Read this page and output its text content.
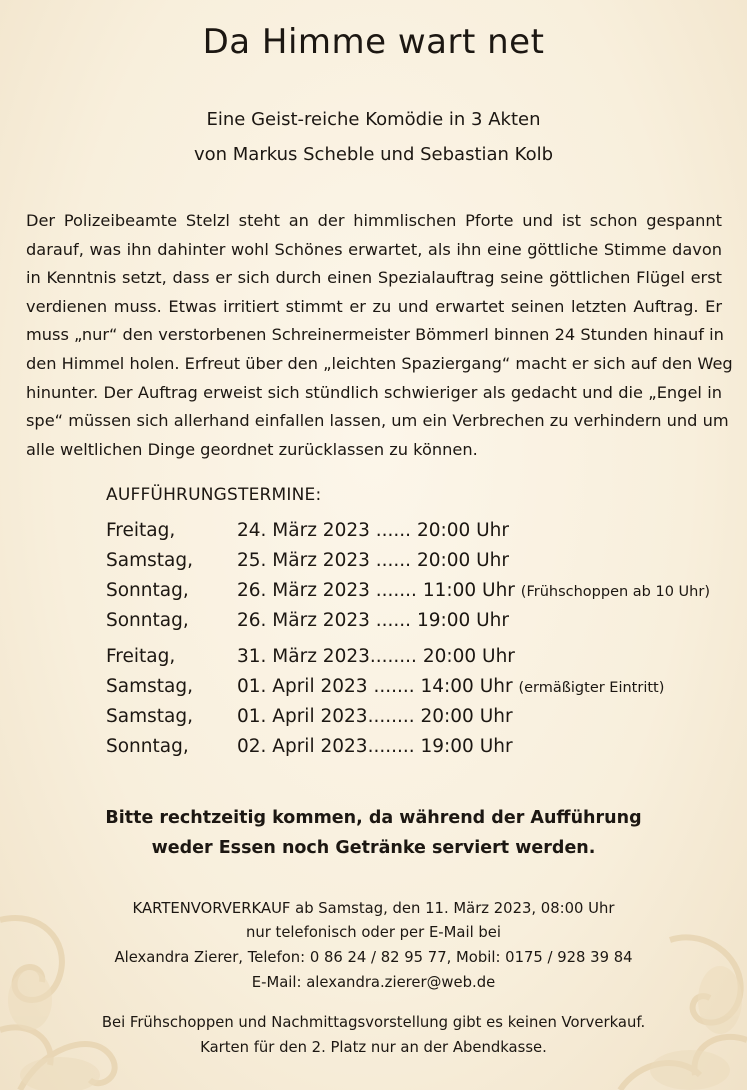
Da Himme wart net
Eine Geist-reiche Komödie in 3 Akten
von Markus Scheble und Sebastian Kolb
Der Polizeibeamte Stelzl steht an der himmlischen Pforte und ist schon gespannt
darauf, was ihn dahinter wohl Schönes erwartet, als ihn eine göttliche Stimme davon
in Kenntnis setzt, dass er sich durch einen Spezialauftrag seine göttlichen Flügel erst
verdienen muss. Etwas irritiert stimmt er zu und erwartet seinen letzten Auftrag. Er
muss „nur“ den verstorbenen Schreinermeister Bömmerl binnen 24 Stunden hinauf in
den Himmel holen. Erfreut über den „leichten Spaziergang“ macht er sich auf den Weg
hinunter. Der Auftrag erweist sich stündlich schwieriger als gedacht und die „Engel in
spe“ müssen sich allerhand einfallen lassen, um ein Verbrechen zu verhindern und um
alle weltlichen Dinge geordnet zurücklassen zu können.
AUFFÜHRUNGSTERMINE:
Freitag,	24. März 2023 ...... 20:00 Uhr
Samstag, 25. März 2023 ...... 20:00 Uhr
Sonntag,	26. März 2023 ....... 11:00 Uhr (Frühschoppen ab 10 Uhr)
Sonntag,	26. März 2023 ...... 19:00 Uhr
Freitag,	31. März 2023........ 20:00 Uhr
Samstag, 01. April 2023 ....... 14:00 Uhr (ermäßigter Eintritt)
Samstag, 01. April 2023........ 20:00 Uhr
Sonntag,	02. April 2023........ 19:00 Uhr
Bitte rechtzeitig kommen, da während der Aufführung
weder Essen noch Getränke serviert werden.
KARTENVORVERKAUF ab Samstag, den 11. März 2023, 08:00 Uhr
nur telefonisch oder per E-Mail bei
Alexandra Zierer, Telefon: 0 86 24 / 82 95 77, Mobil: 0175 / 928 39 84
E-Mail: alexandra.zierer@web.de
Bei Frühschoppen und Nachmittagsvorstellung gibt es keinen Vorverkauf.
Karten für den 2. Platz nur an der Abendkasse.
